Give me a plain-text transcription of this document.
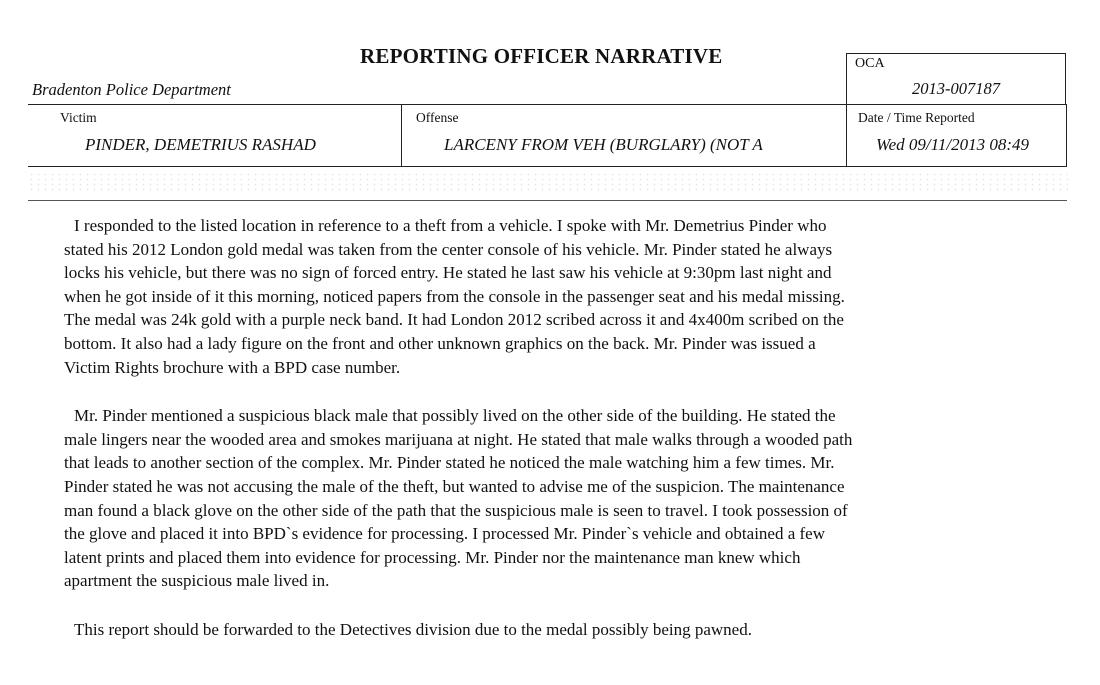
REPORTING OFFICER NARRATIVE
Bradenton Police Department
OCA
2013-007187
Victim
PINDER, DEMETRIUS RASHAD
Offense
LARCENY FROM VEH (BURGLARY) (NOT A
Date / Time Reported
Wed 09/11/2013 08:49

I responded to the listed location in reference to a theft from a vehicle. I spoke with Mr. Demetrius Pinder who
stated his 2012 London gold medal was taken from the center console of his vehicle. Mr. Pinder stated he always
locks his vehicle, but there was no sign of forced entry. He stated he last saw his vehicle at 9:30pm last night and
when he got inside of it this morning, noticed papers from the console in the passenger seat and his medal missing.
The medal was 24k gold with a purple neck band. It had London 2012 scribed across it and 4x400m scribed on the
bottom. It also had a lady figure on the front and other unknown graphics on the back. Mr. Pinder was issued a
Victim Rights brochure with a BPD case number.

Mr. Pinder mentioned a suspicious black male that possibly lived on the other side of the building. He stated the
male lingers near the wooded area and smokes marijuana at night. He stated that male walks through a wooded path
that leads to another section of the complex. Mr. Pinder stated he noticed the male watching him a few times. Mr.
Pinder stated he was not accusing the male of the theft, but wanted to advise me of the suspicion. The maintenance
man found a black glove on the other side of the path that the suspicious male is seen to travel. I took possession of
the glove and placed it into BPD`s evidence for processing. I processed Mr. Pinder`s vehicle and obtained a few
latent prints and placed them into evidence for processing. Mr. Pinder nor the maintenance man knew which
apartment the suspicious male lived in.

This report should be forwarded to the Detectives division due to the medal possibly being pawned.
